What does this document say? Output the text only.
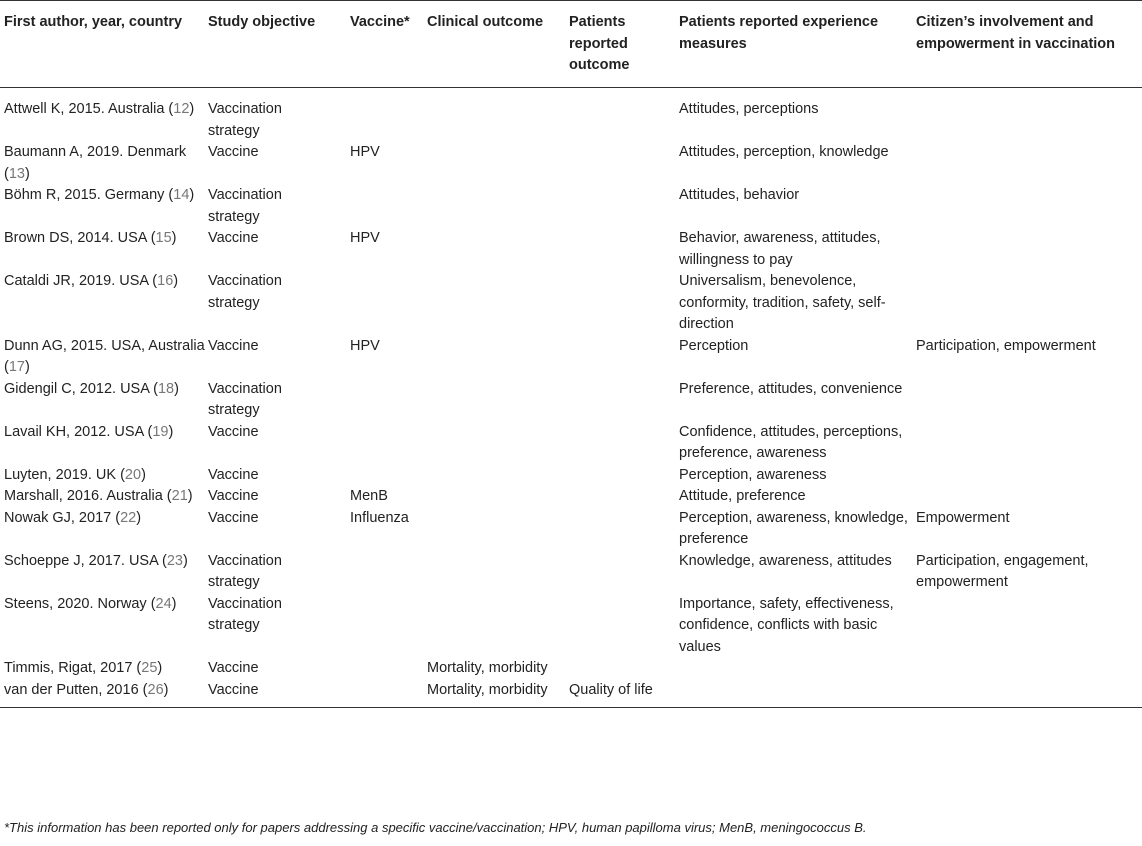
First author, year, country	Study objective	Vaccine*	Clinical outcome	Patients reported outcome	Patients reported experience measures	Citizen’s involvement and empowerment in vaccination
Attwell K, 2015. Australia (12)	Vaccination strategy				Attitudes, perceptions	
Baumann A, 2019. Denmark (13)	Vaccine	HPV			Attitudes, perception, knowledge	
Böhm R, 2015. Germany (14)	Vaccination strategy				Attitudes, behavior	
Brown DS, 2014. USA (15)	Vaccine	HPV			Behavior, awareness, attitudes, willingness to pay	
Cataldi JR, 2019. USA (16)	Vaccination strategy				Universalism, benevolence, conformity, tradition, safety, self-direction	
Dunn AG, 2015. USA, Australia (17)	Vaccine	HPV			Perception	Participation, empowerment
Gidengil C, 2012. USA (18)	Vaccination strategy				Preference, attitudes, convenience	
Lavail KH, 2012. USA (19)	Vaccine				Confidence, attitudes, perceptions, preference, awareness	
Luyten, 2019. UK (20)	Vaccine				Perception, awareness	
Marshall, 2016. Australia (21)	Vaccine	MenB			Attitude, preference	
Nowak GJ, 2017 (22)	Vaccine	Influenza			Perception, awareness, knowledge, preference	Empowerment
Schoeppe J, 2017. USA (23)	Vaccination strategy				Knowledge, awareness, attitudes	Participation, engagement, empowerment
Steens, 2020. Norway (24)	Vaccination strategy				Importance, safety, effectiveness, confidence, conflicts with basic values	
Timmis, Rigat, 2017 (25)	Vaccine		Mortality, morbidity			
van der Putten, 2016 (26)	Vaccine		Mortality, morbidity	Quality of life		
*This information has been reported only for papers addressing a specific vaccine/vaccination; HPV, human papilloma virus; MenB, meningococcus B.
